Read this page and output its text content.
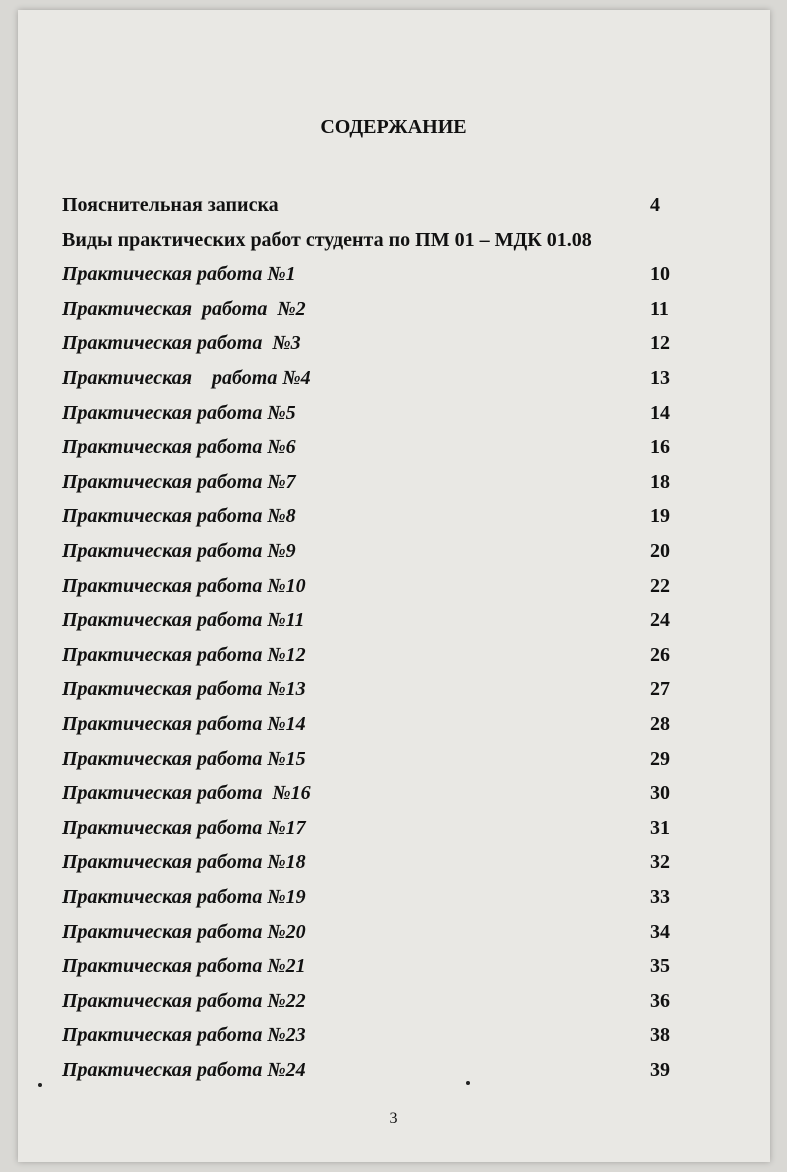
СОДЕРЖАНИЕ
Пояснительная записка	4
Виды практических работ студента по ПМ 01 – МДК 01.08
Практическая работа №1	10
Практическая  работа  №2	11
Практическая работа  №3	12
Практическая    работа №4	13
Практическая работа №5	14
Практическая работа №6	16
Практическая работа №7	18
Практическая работа №8	19
Практическая работа №9	20
Практическая работа №10	22
Практическая работа №11	24
Практическая работа №12	26
Практическая работа №13	27
Практическая работа №14	28
Практическая работа №15	29
Практическая работа  №16	30
Практическая работа №17	31
Практическая работа №18	32
Практическая работа №19	33
Практическая работа №20	34
Практическая работа №21	35
Практическая работа №22	36
Практическая работа №23	38
Практическая работа №24	39
3
